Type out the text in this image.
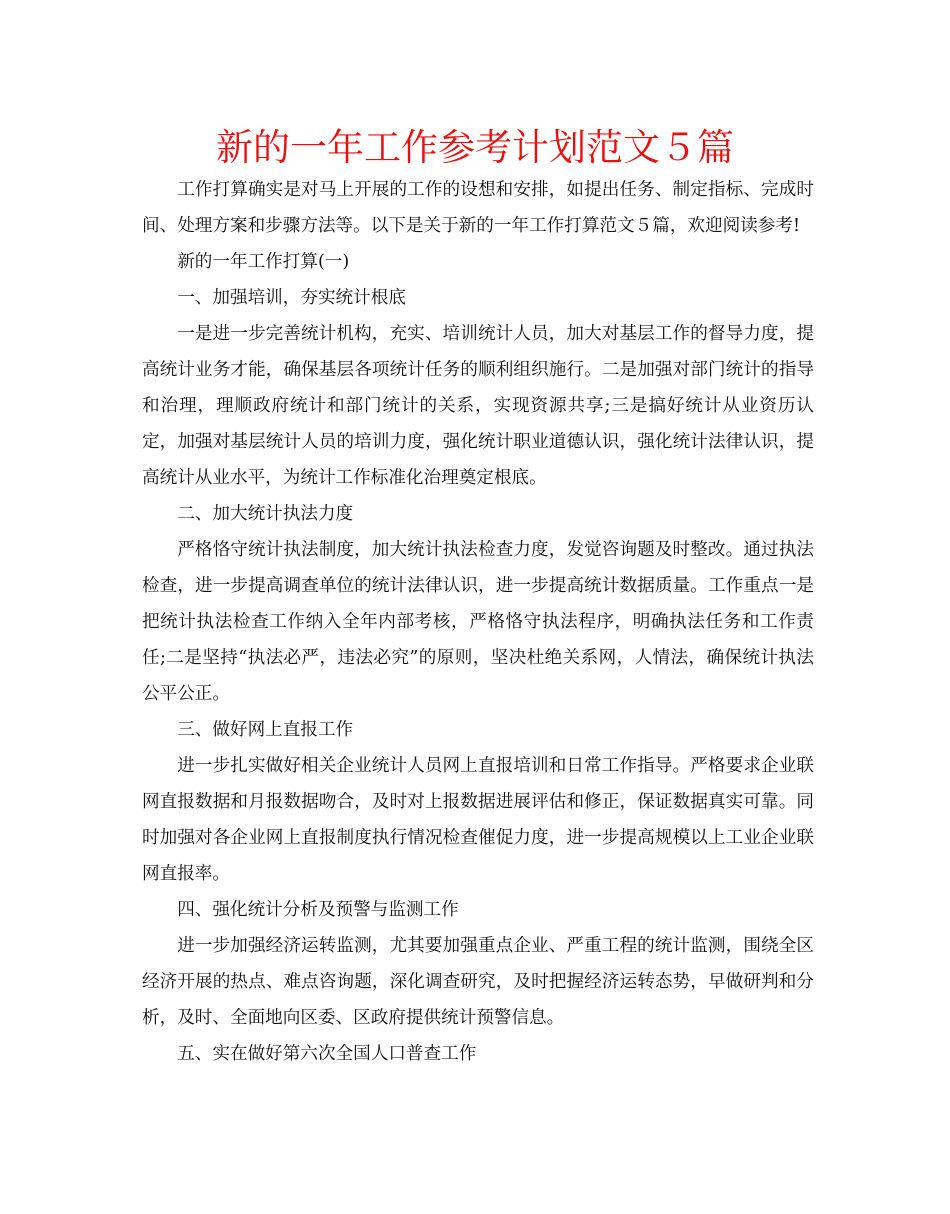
新的一年工作参考计划范文５篇

工作打算确实是对马上开展的工作的设想和安排，如提出任务、制定指标、完成时间、处理方案和步骤方法等。以下是关于新的一年工作打算范文５篇，欢迎阅读参考!

新的一年工作打算(一)

一、加强培训，夯实统计根底

一是进一步完善统计机构，充实、培训统计人员，加大对基层工作的督导力度，提高统计业务才能，确保基层各项统计任务的顺利组织施行。二是加强对部门统计的指导和治理，理顺政府统计和部门统计的关系，实现资源共享;三是搞好统计从业资历认定，加强对基层统计人员的培训力度，强化统计职业道德认识，强化统计法律认识，提高统计从业水平，为统计工作标准化治理奠定根底。

二、加大统计执法力度

严格恪守统计执法制度，加大统计执法检查力度，发觉咨询题及时整改。通过执法检查，进一步提高调查单位的统计法律认识，进一步提高统计数据质量。工作重点一是把统计执法检查工作纳入全年内部考核，严格恪守执法程序，明确执法任务和工作责任;二是坚持“执法必严，违法必究”的原则，坚决杜绝关系网，人情法，确保统计执法公平公正。

三、做好网上直报工作

进一步扎实做好相关企业统计人员网上直报培训和日常工作指导。严格要求企业联网直报数据和月报数据吻合，及时对上报数据进展评估和修正，保证数据真实可靠。同时加强对各企业网上直报制度执行情况检查催促力度，进一步提高规模以上工业企业联网直报率。

四、强化统计分析及预警与监测工作

进一步加强经济运转监测，尤其要加强重点企业、严重工程的统计监测，围绕全区经济开展的热点、难点咨询题，深化调查研究，及时把握经济运转态势，早做研判和分析，及时、全面地向区委、区政府提供统计预警信息。

五、实在做好第六次全国人口普查工作
